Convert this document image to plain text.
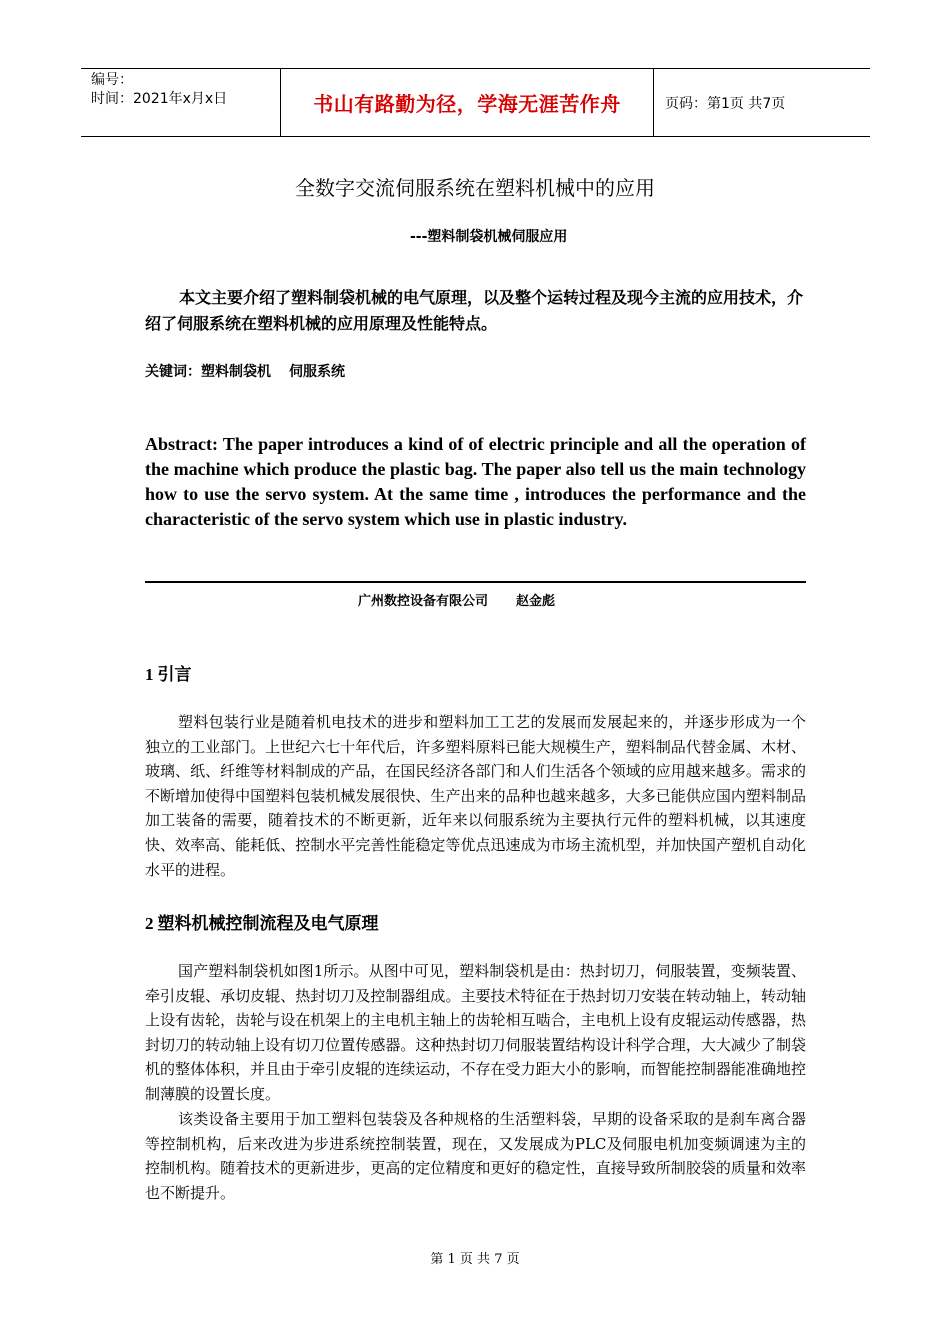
编号：
时间：2021年x月x日	书山有路勤为径，学海无涯苦作舟	页码：第1页 共7页
全数字交流伺服系统在塑料机械中的应用
---塑料制袋机械伺服应用
本文主要介绍了塑料制袋机械的电气原理，以及整个运转过程及现今主流的应用技术，介绍了伺服系统在塑料机械的应用原理及性能特点。
关键词：塑料制袋机 伺服系统
Abstract: The paper introduces a kind of of electric principle and all the operation of the machine which produce the plastic bag. The paper also tell us the main technology how to use the servo system. At the same time , introduces the performance and the characteristic of the servo system which use in plastic industry.
广州数控设备有限公司 赵金彪
1 引言
塑料包装行业是随着机电技术的进步和塑料加工工艺的发展而发展起来的，并逐步形成为一个独立的工业部门。上世纪六七十年代后，许多塑料原料已能大规模生产，塑料制品代替金属、木材、玻璃、纸、纤维等材料制成的产品，在国民经济各部门和人们生活各个领域的应用越来越多。需求的不断增加使得中国塑料包装机械发展很快、生产出来的品种也越来越多，大多已能供应国内塑料制品加工装备的需要，随着技术的不断更新，近年来以伺服系统为主要执行元件的塑料机械，以其速度快、效率高、能耗低、控制水平完善性能稳定等优点迅速成为市场主流机型，并加快国产塑机自动化水平的进程。
2 塑料机械控制流程及电气原理
国产塑料制袋机如图1所示。从图中可见，塑料制袋机是由：热封切刀，伺服装置，变频装置、牵引皮辊、承切皮辊、热封切刀及控制器组成。主要技术特征在于热封切刀安装在转动轴上，转动轴上设有齿轮，齿轮与设在机架上的主电机主轴上的齿轮相互啮合，主电机上设有皮辊运动传感器，热封切刀的转动轴上设有切刀位置传感器。这种热封切刀伺服装置结构设计科学合理，大大减少了制袋机的整体体积，并且由于牵引皮辊的连续运动，不存在受力距大小的影响，而智能控制器能准确地控制薄膜的设置长度。
该类设备主要用于加工塑料包装袋及各种规格的生活塑料袋，早期的设备采取的是刹车离合器等控制机构，后来改进为步进系统控制装置，现在，又发展成为PLC及伺服电机加变频调速为主的控制机构。随着技术的更新进步，更高的定位精度和更好的稳定性，直接导致所制胶袋的质量和效率也不断提升。
第 1 页 共 7 页
